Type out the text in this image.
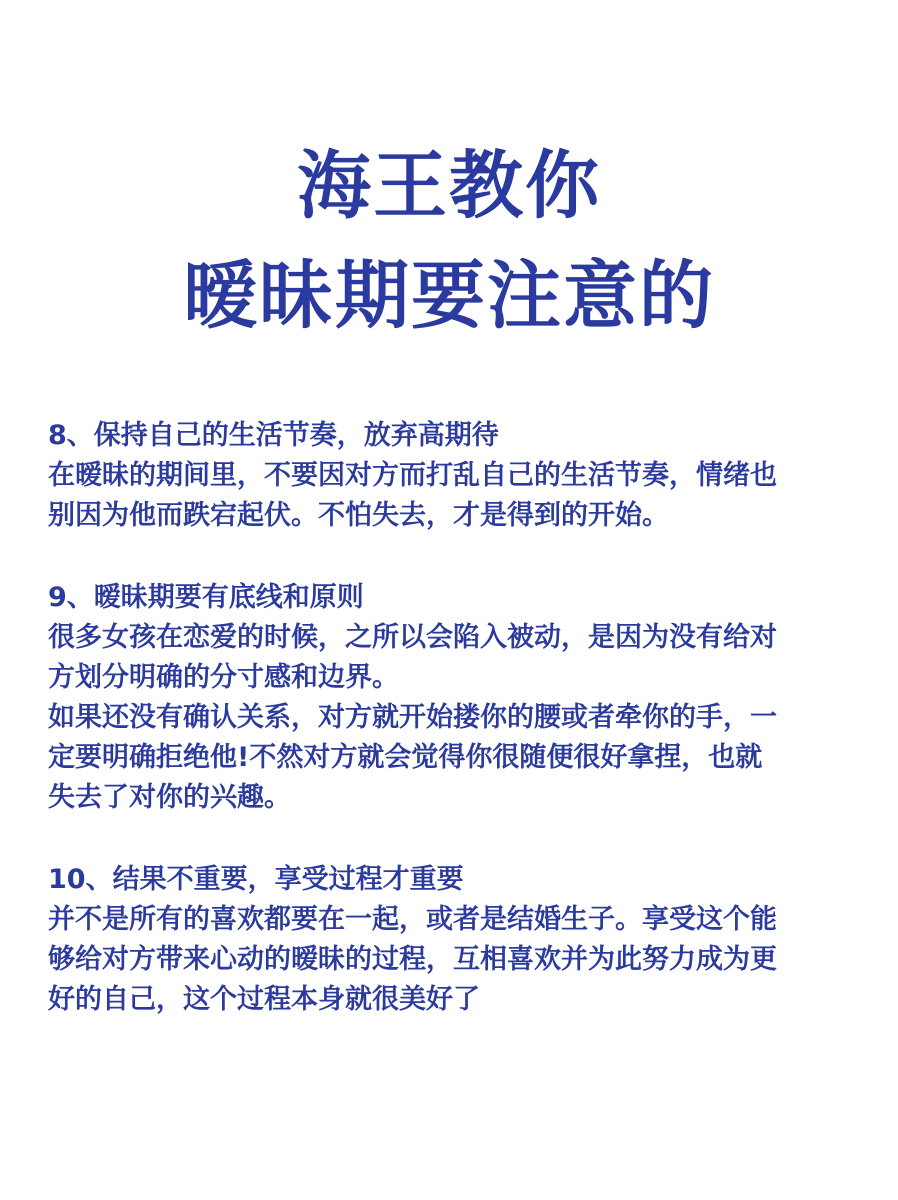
海王教你
暧昧期要注意的

8、保持自己的生活节奏，放弃高期待

在暧昧的期间里，不要因对方而打乱自己的生活节奏，情绪也

别因为他而跌宕起伏。不怕失去，才是得到的开始。

9、暧昧期要有底线和原则

很多女孩在恋爱的时候，之所以会陷入被动，是因为没有给对

方划分明确的分寸感和边界。

如果还没有确认关系，对方就开始搂你的腰或者牵你的手，一

定要明确拒绝他!不然对方就会觉得你很随便很好拿捏，也就

失去了对你的兴趣。

10、结果不重要，享受过程才重要

并不是所有的喜欢都要在一起，或者是结婚生子。享受这个能

够给对方带来心动的暧昧的过程，互相喜欢并为此努力成为更

好的自己，这个过程本身就很美好了
